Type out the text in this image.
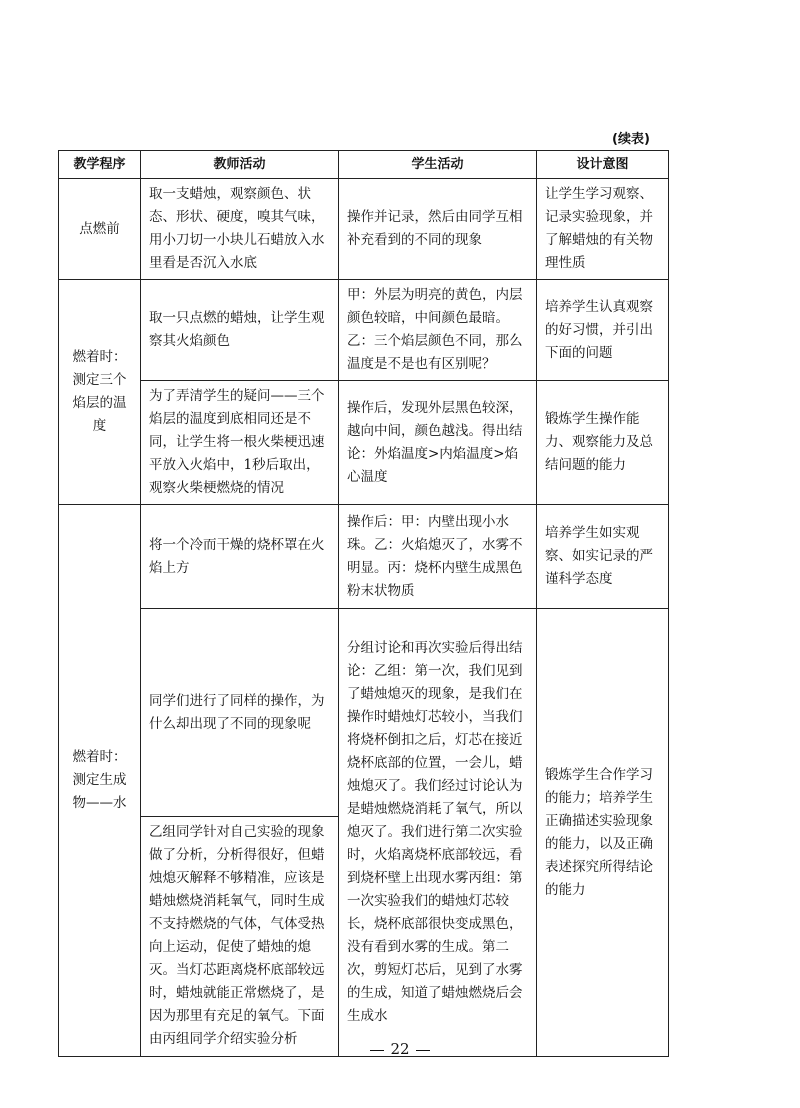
(续表)
教学程序	教师活动	学生活动	设计意图
点燃前	取一支蜡烛，观察颜色、状态、形状、硬度，嗅其气味，用小刀切一小块儿石蜡放入水里看是否沉入水底	操作并记录，然后由同学互相补充看到的不同的现象	让学生学习观察、记录实验现象，并了解蜡烛的有关物理性质
燃着时：测定三个焰层的温度	取一只点燃的蜡烛，让学生观察其火焰颜色	甲：外层为明亮的黄色，内层颜色较暗，中间颜色最暗。乙：三个焰层颜色不同，那么温度是不是也有区别呢？	培养学生认真观察的好习惯，并引出下面的问题
	为了弄清学生的疑问——三个焰层的温度到底相同还是不同，让学生将一根火柴梗迅速平放入火焰中，1秒后取出，观察火柴梗燃烧的情况	操作后，发现外层黑色较深，越向中间，颜色越浅。得出结论：外焰温度>内焰温度>焰心温度	锻炼学生操作能力、观察能力及总结问题的能力
燃着时：测定生成物——水	将一个冷而干燥的烧杯罩在火焰上方	操作后：甲：内壁出现小水珠。乙：火焰熄灭了，水雾不明显。丙：烧杯内壁生成黑色粉末状物质	培养学生如实观察、如实记录的严谨科学态度
	同学们进行了同样的操作，为什么却出现了不同的现象呢	分组讨论和再次实验后得出结论：乙组：第一次，我们见到了蜡烛熄灭的现象，是我们在操作时蜡烛灯芯较小，当我们将烧杯倒扣之后，灯芯在接近烧杯底部的位置，一会儿，蜡烛熄灭了。我们经过讨论认为是蜡烛燃烧消耗了氧气，所以熄灭了。我们进行第二次实验时，火焰离烧杯底部较远，看到烧杯壁上出现水雾丙组：第一次实验我们的蜡烛灯芯较长，烧杯底部很快变成黑色，没有看到水雾的生成。第二次，剪短灯芯后，见到了水雾的生成，知道了蜡烛燃烧后会生成水	锻炼学生合作学习的能力；培养学生正确描述实验现象的能力，以及正确表述探究所得结论的能力
	乙组同学针对自己实验的现象做了分析，分析得很好，但蜡烛熄灭解释不够精准，应该是蜡烛燃烧消耗氧气，同时生成不支持燃烧的气体，气体受热向上运动，促使了蜡烛的熄灭。当灯芯距离烧杯底部较远时，蜡烛就能正常燃烧了，是因为那里有充足的氧气。下面由丙组同学介绍实验分析		
22
